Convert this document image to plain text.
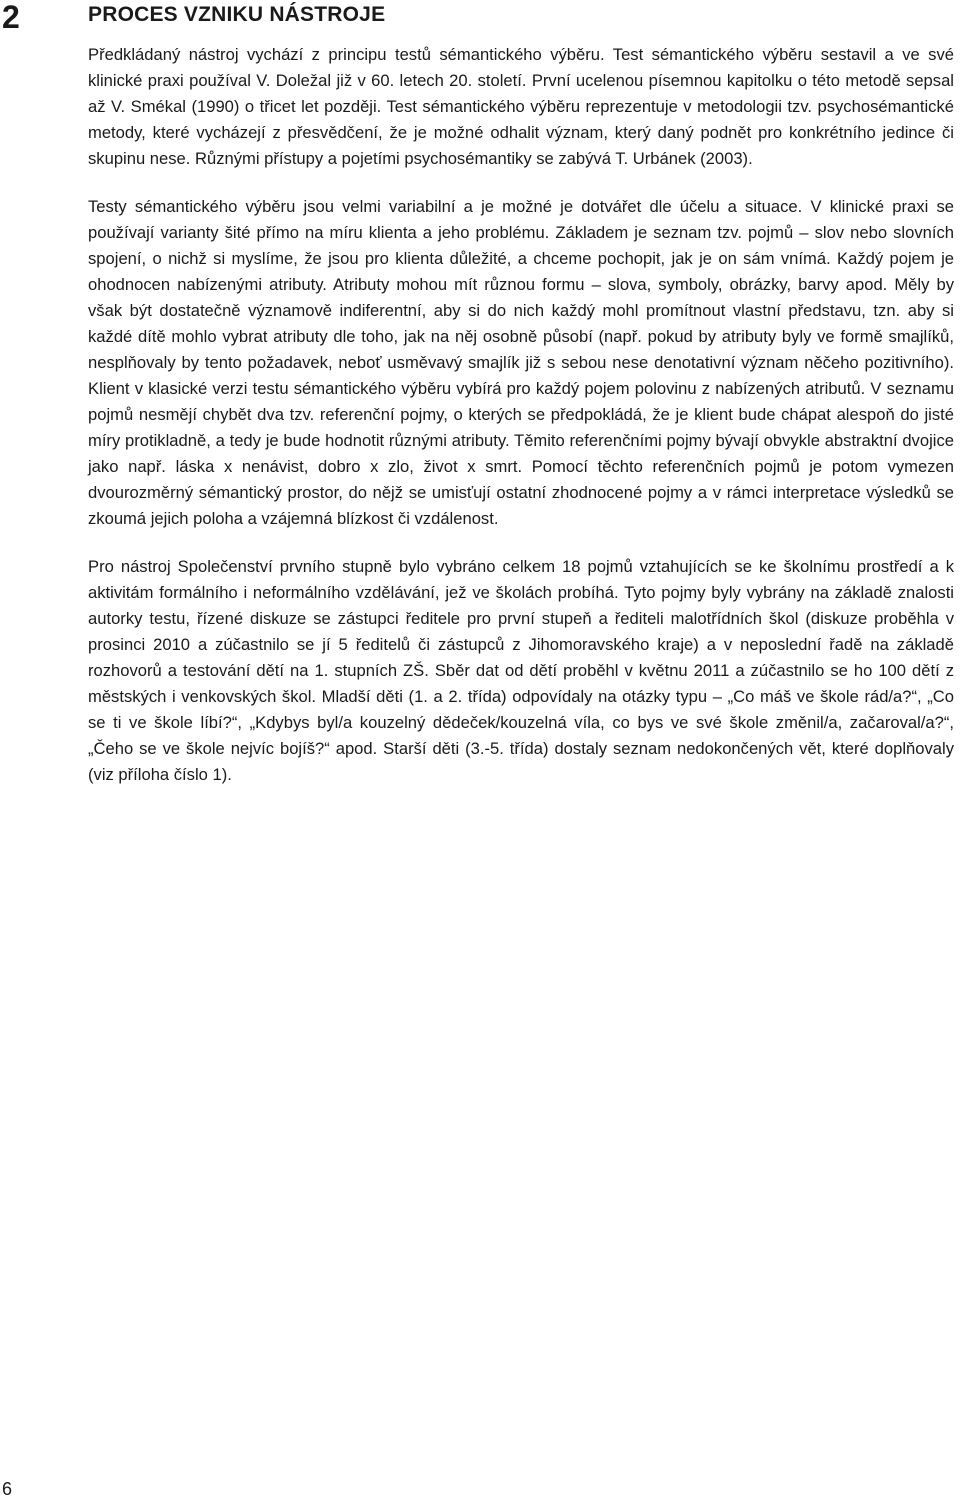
2	PROCES VZNIKU NÁSTROJE

Předkládaný nástroj vychází z principu testů sémantického výběru. Test sémantického výběru sestavil a ve své klinické praxi používal V. Doležal již v 60. letech 20. století. První ucelenou písemnou kapitolku o této metodě sepsal až V. Smékal (1990) o třicet let později. Test sémantického výběru reprezentuje v metodologii tzv. psychosémantické metody, které vycházejí z přesvědčení, že je možné odhalit význam, který daný podnět pro konkrétního jedince či skupinu nese. Různými přístupy a pojetími psychosémantiky se zabývá T. Urbánek (2003).

Testy sémantického výběru jsou velmi variabilní a je možné je dotvářet dle účelu a situace. V klinické praxi se používají varianty šité přímo na míru klienta a jeho problému. Základem je seznam tzv. pojmů – slov nebo slovních spojení, o nichž si myslíme, že jsou pro klienta důležité, a chceme pochopit, jak je on sám vnímá. Každý pojem je ohodnocen nabízenými atributy. Atributy mohou mít různou formu – slova, symboly, obrázky, barvy apod. Měly by však být dostatečně významově indiferentní, aby si do nich každý mohl promítnout vlastní představu, tzn. aby si každé dítě mohlo vybrat atributy dle toho, jak na něj osobně působí (např. pokud by atributy byly ve formě smajlíků, nesplňovaly by tento požadavek, neboť usměvavý smajlík již s sebou nese denotativní význam něčeho pozitivního). Klient v klasické verzi testu sémantického výběru vybírá pro každý pojem polovinu z nabízených atributů. V seznamu pojmů nesmějí chybět dva tzv. referenční pojmy, o kterých se předpokládá, že je klient bude chápat alespoň do jisté míry protikladně, a tedy je bude hodnotit různými atributy. Těmito referenčními pojmy bývají obvykle abstraktní dvojice jako např. láska x nenávist, dobro x zlo, život x smrt. Pomocí těchto referenčních pojmů je potom vymezen dvourozměrný sémantický prostor, do nějž se umisťují ostatní zhodnocené pojmy a v rámci interpretace výsledků se zkoumá jejich poloha a vzájemná blízkost či vzdálenost.

Pro nástroj Společenství prvního stupně bylo vybráno celkem 18 pojmů vztahujících se ke školnímu prostředí a k aktivitám formálního i neformálního vzdělávání, jež ve školách probíhá. Tyto pojmy byly vybrány na základě znalosti autorky testu, řízené diskuze se zástupci ředitele pro první stupeň a řediteli malotřídních škol (diskuze proběhla v prosinci 2010 a zúčastnilo se jí 5 ředitelů či zástupců z Jihomoravského kraje) a v neposlední řadě na základě rozhovorů a testování dětí na 1. stupních ZŠ. Sběr dat od dětí proběhl v květnu 2011 a zúčastnilo se ho 100 dětí z městských i venkovských škol. Mladší děti (1. a 2. třída) odpovídaly na otázky typu – „Co máš ve škole rád/a?“, „Co se ti ve škole líbí?“, „Kdybys byl/a kouzelný dědeček/kouzelná víla, co bys ve své škole změnil/a, začaroval/a?“, „Čeho se ve škole nejvíc bojíš?“ apod. Starší děti (3.-5. třída) dostaly seznam nedokončených vět, které doplňovaly (viz příloha číslo 1).

6
